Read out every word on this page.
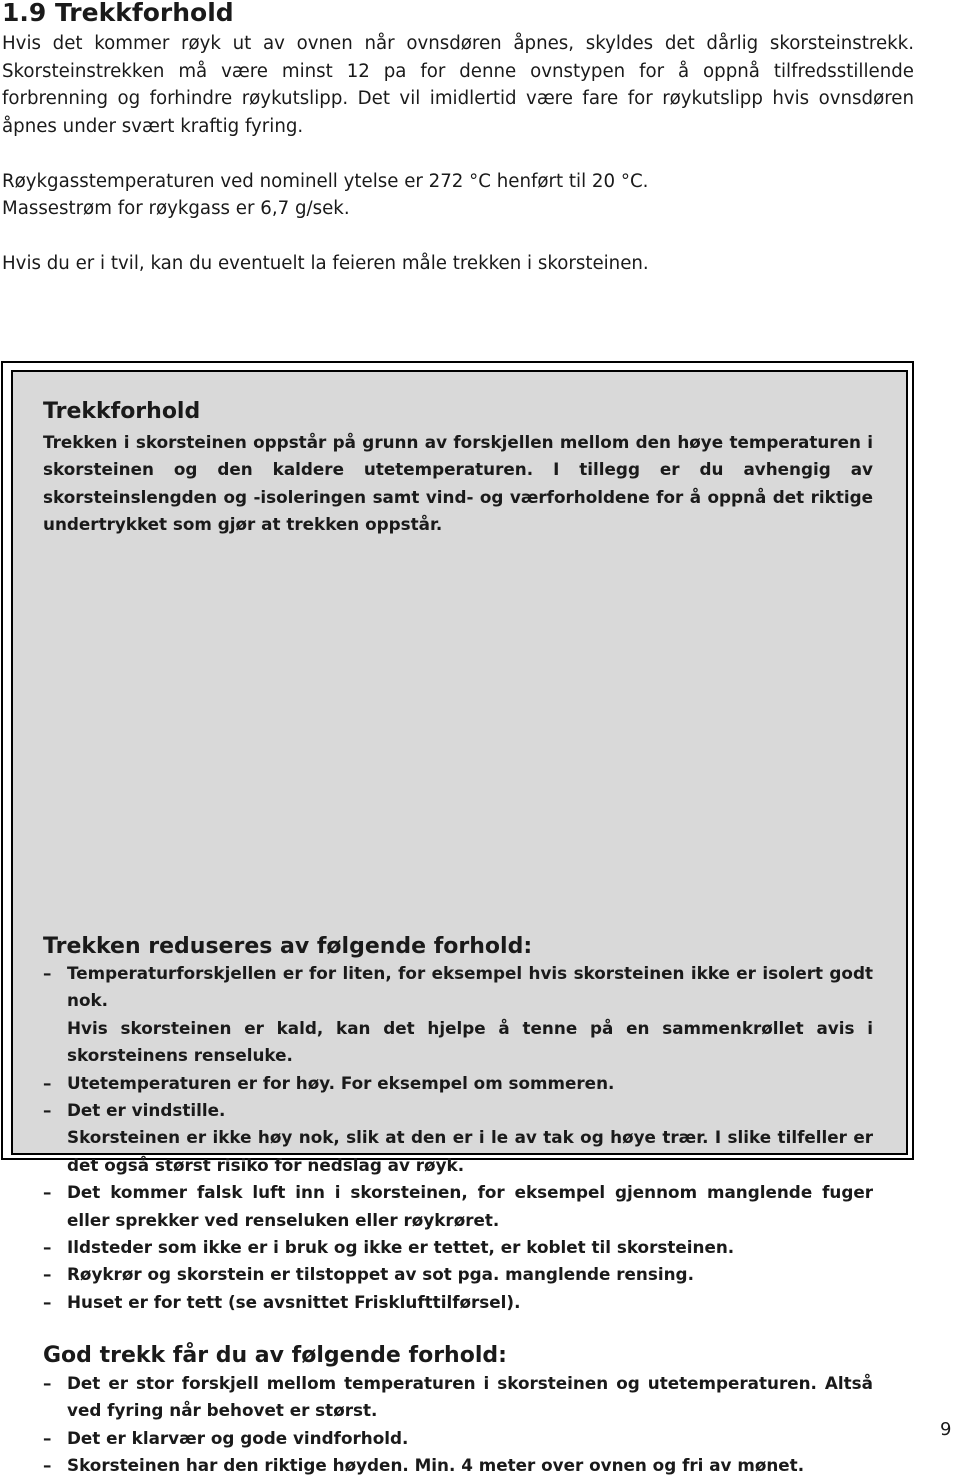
1.9 Trekkforhold

Hvis det kommer røyk ut av ovnen når ovnsdøren åpnes, skyldes det dårlig skorsteinstrekk. Skorsteinstrekken må være minst 12 pa for denne ovnstypen for å oppnå tilfredsstillende forbrenning og forhindre røykutslipp. Det vil imidlertid være fare for røykutslipp hvis ovnsdøren åpnes under svært kraftig fyring.

Røykgasstemperaturen ved nominell ytelse er 272 °C henført til 20 °C.

Massestrøm for røykgass er 6,7 g/sek.

Hvis du er i tvil, kan du eventuelt la feieren måle trekken i skorsteinen.

Trekkforhold

Trekken i skorsteinen oppstår på grunn av forskjellen mellom den høye temperaturen i skorsteinen og den kaldere utetemperaturen. I tillegg er du avhengig av skorsteinslengden og -isoleringen samt vind- og værforholdene for å oppnå det riktige undertrykket som gjør at trekken oppstår.

Trekken reduseres av følgende forhold:
– Temperaturforskjellen er for liten, for eksempel hvis skorsteinen ikke er isolert godt nok.
Hvis skorsteinen er kald, kan det hjelpe å tenne på en sammenkrøllet avis i skorsteinens renseluke.
– Utetemperaturen er for høy. For eksempel om sommeren.
– Det er vindstille.
Skorsteinen er ikke høy nok, slik at den er i le av tak og høye trær. I slike tilfeller er det også størst risiko for nedslag av røyk.
– Det kommer falsk luft inn i skorsteinen, for eksempel gjennom manglende fuger eller sprekker ved renseluken eller røykrøret.
– Ildsteder som ikke er i bruk og ikke er tettet, er koblet til skorsteinen.
– Røykrør og skorstein er tilstoppet av sot pga. manglende rensing.
– Huset er for tett (se avsnittet Frisklufttilførsel).
God trekk får du av følgende forhold:
– Det er stor forskjell mellom temperaturen i skorsteinen og utetemperaturen. Altså ved fyring når behovet er størst.
– Det er klarvær og gode vindforhold.
– Skorsteinen har den riktige høyden. Min. 4 meter over ovnen og fri av mønet.
9
